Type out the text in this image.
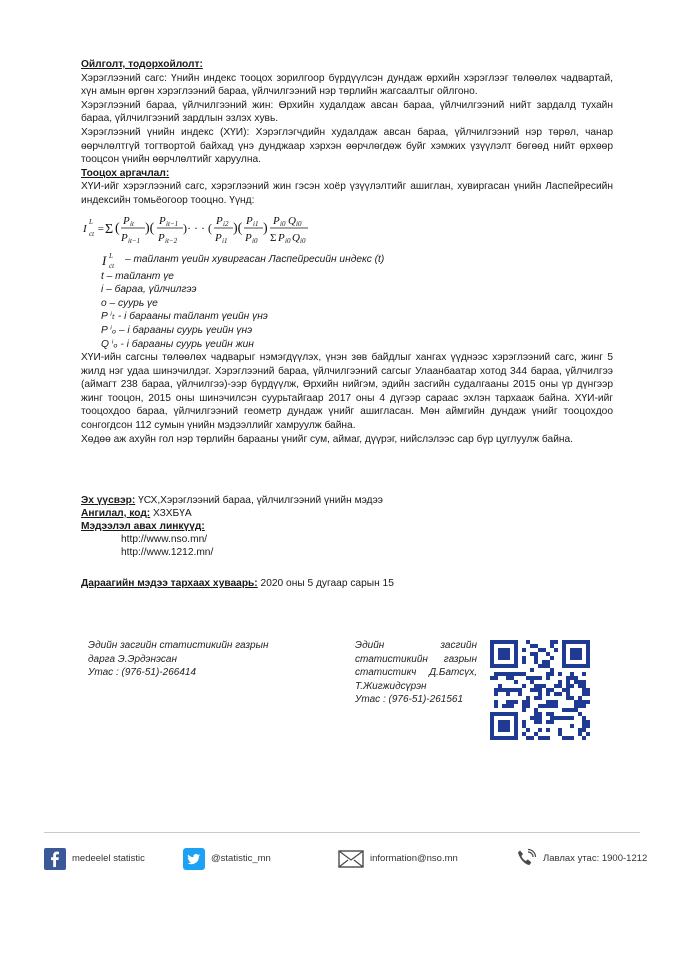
Ойлголт, тодорхойлолт:

Хэрэглээний сагс: Үнийн индекс тооцох зорилгоор бүрдүүлсэн дундаж өрхийн хэрэглээг төлөөлөх чадвартай, хүн амын өргөн хэрэглээний бараа, үйлчилгээний нэр төрлийн жагсаалтыг ойлгоно.

Хэрэглээний бараа, үйлчилгээний жин: Өрхийн худалдаж авсан бараа, үйлчилгээний нийт зардалд тухайн бараа, үйлчилгээний зардлын эзлэх хувь.

Хэрэглээний үнийн индекс (ХҮИ): Хэрэглэгчдийн худалдаж авсан бараа, үйлчилгээний нэр төрөл, чанар өөрчлөлтгүй тогтвортой байхад үнэ дунджаар хэрхэн өөрчлөгдөж буйг хэмжих үзүүлэлт бөгөөд нийт өрхөөр тооцсон үнийн өөрчлөлтийг харуулна.

Тооцох аргачлал:

ХҮИ-ийг хэрэглээний сагс, хэрэглээний жин гэсэн хоёр үзүүлэлтийг ашиглан, хувиргасан үнийн Ласпейресийн индексийн томьёогоор тооцно. Үүнд:

I
L
ct = Σ ( P it
P it−1
)( P it−1
P it−2
)· · · ( P i2
P i1
)( P i1
P i0
) P i0 Q i0
Σ P i0 Q i0
I L
ct
– тайлант үеийн хувиргасан Ласпейресийн индекс (t)
t – тайлант үе
i – бараа, үйлчилгээ
o – суурь үе
P ⁱₜ - i барааны тайлант үеийн үнэ
P ⁱₒ – i барааны суурь үеийн үнэ
Q ⁱₒ - i барааны суурь үеийн жин

ХҮИ-ийн сагсны төлөөлөх чадварыг нэмэгдүүлэх, үнэн зөв байдлыг хангах үүднээс хэрэглээний сагс, жинг 5 жилд нэг удаа шинэчилдэг. Хэрэглээний бараа, үйлчилгээний сагсыг Улаанбаатар хотод 344 бараа, үйлчилгээ (аймагт 238 бараа, үйлчилгээ)-ээр бүрдүүлж, Өрхийн нийгэм, эдийн засгийн судалгааны 2015 оны үр дүнгээр жинг тооцон, 2015 оны шинэчилсэн суурьтайгаар 2017 оны 4 дүгээр сараас эхлэн тархааж байна. ХҮИ-ийг тооцохдоо бараа, үйлчилгээний геометр дундаж үнийг ашигласан. Мөн аймгийн дундаж үнийг тооцохдоо сонгогдсон 112 сумын үнийн мэдээллийг хамруулж байна.

Хөдөө аж ахуйн гол нэр төрлийн барааны үнийг сум, аймаг, дүүрэг, нийслэлээс сар бүр цуглуулж байна.

Эх үүсвэр: ҮСХ,Хэрэглээний бараа, үйлчилгээний үнийн мэдээ
Ангилал, код: ХЗХБҮА
Мэдээлэл авах линкүүд:
http://www.nso.mn/
http://www.1212.mn/
Дараагийн мэдээ тархаах хуваарь: 2020 оны 5 дугаар сарын 15
Эдийн засгийн статистикийн газрын
дарга Э.Эрдэнэсан
Утас : (976-51)-266414
Эдийн засгийн статистикийн газрын статистикч Д.Батсүх, Т.Жигжидсүрэн
Утас : (976-51)-261561
medeelel statistic	@statistic_mn	information@nso.mn	Лавлах утас: 1900-1212
